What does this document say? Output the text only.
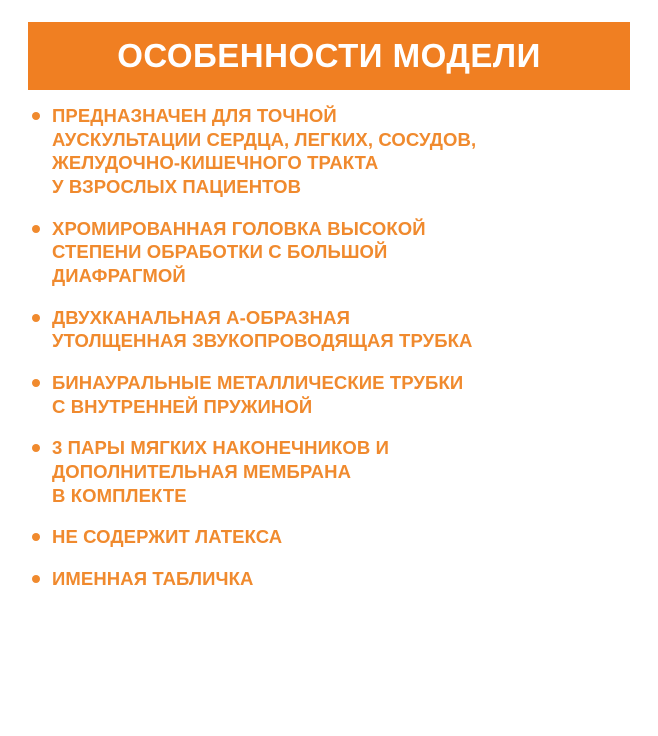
ОСОБЕННОСТИ МОДЕЛИ
ПРЕДНАЗНАЧЕН ДЛЯ ТОЧНОЙ
АУСКУЛЬТАЦИИ СЕРДЦА, ЛЕГКИХ, СОСУДОВ,
ЖЕЛУДОЧНО-КИШЕЧНОГО ТРАКТА
У ВЗРОСЛЫХ ПАЦИЕНТОВ
ХРОМИРОВАННАЯ ГОЛОВКА ВЫСОКОЙ
СТЕПЕНИ ОБРАБОТКИ С БОЛЬШОЙ
ДИАФРАГМОЙ
ДВУХКАНАЛЬНАЯ A-ОБРАЗНАЯ
УТОЛЩЕННАЯ ЗВУКОПРОВОДЯЩАЯ ТРУБКА
БИНАУРАЛЬНЫЕ МЕТАЛЛИЧЕСКИЕ ТРУБКИ
С ВНУТРЕННЕЙ ПРУЖИНОЙ
3 ПАРЫ МЯГКИХ НАКОНЕЧНИКОВ И
ДОПОЛНИТЕЛЬНАЯ МЕМБРАНА
В КОМПЛЕКТЕ
НЕ СОДЕРЖИТ ЛАТЕКСА
ИМЕННАЯ ТАБЛИЧКА
